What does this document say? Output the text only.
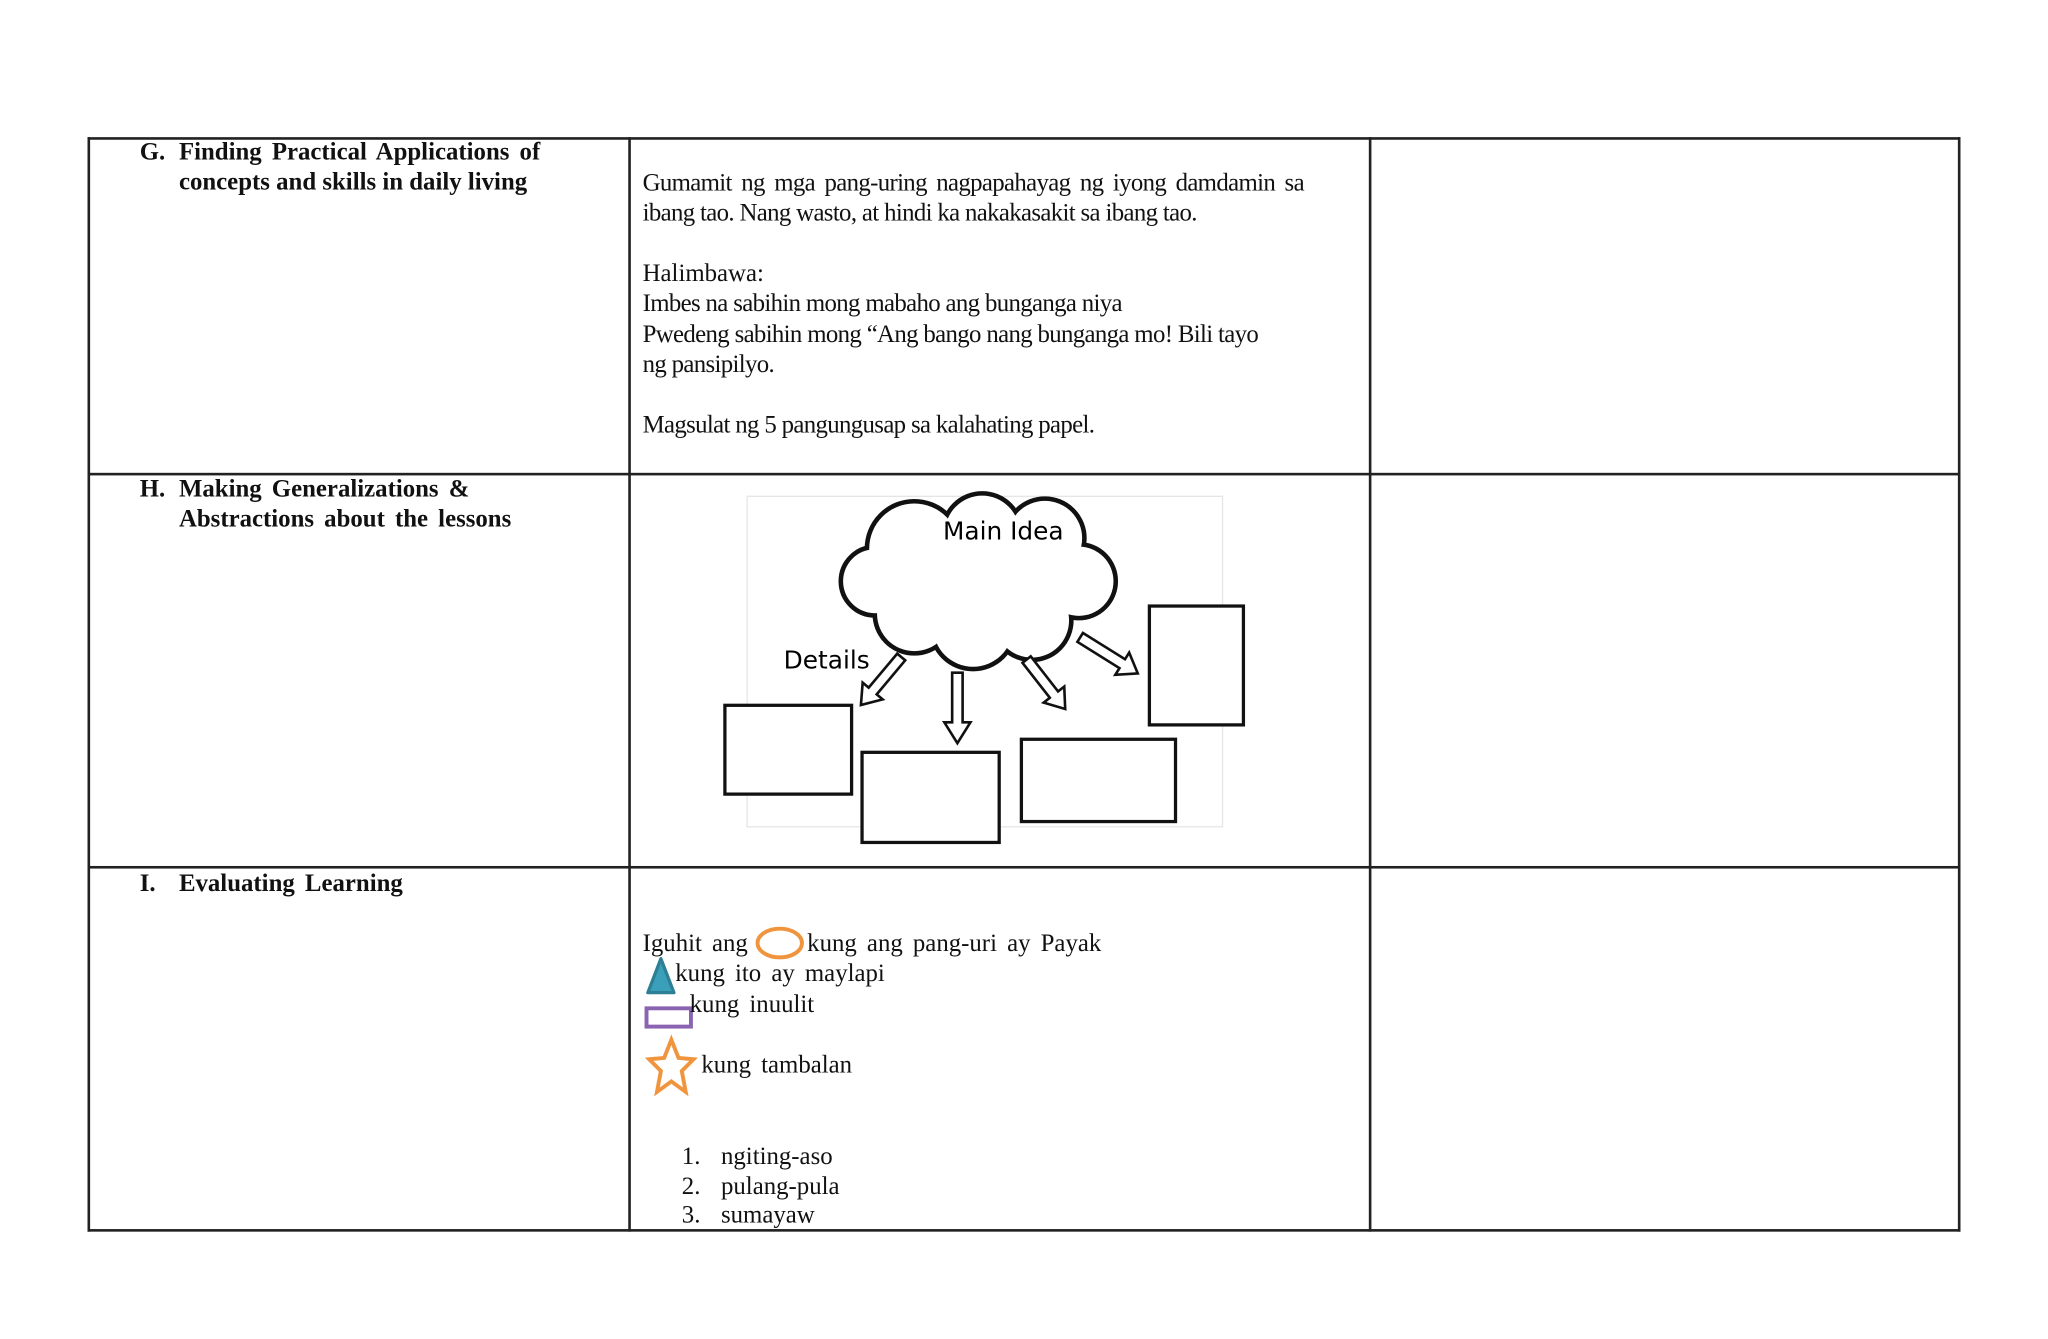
G. Finding Practical Applications of
concepts and skills in daily living	Gumamit ng mga pang-uring nagpapahayag ng iyong damdamin sa
ibang tao. Nang wasto, at hindi ka nakakasakit sa ibang tao.
Halimbawa:
Imbes na sabihin mong mabaho ang bunganga niya
Pwedeng sabihin mong “Ang bango nang bunganga mo! Bili tayo
ng pansipilyo.
Magsulat ng 5 pangungusap sa kalahating papel.
H. Making Generalizations &
Abstractions about the lessons	Main Idea
Details
I. Evaluating Learning
Iguhit ang	kung ang pang-uri ay Payak
kung ito ay maylapi
kung inuulit
kung tambalan
1. ngiting-aso
2. pulang-pula
3. sumayaw
